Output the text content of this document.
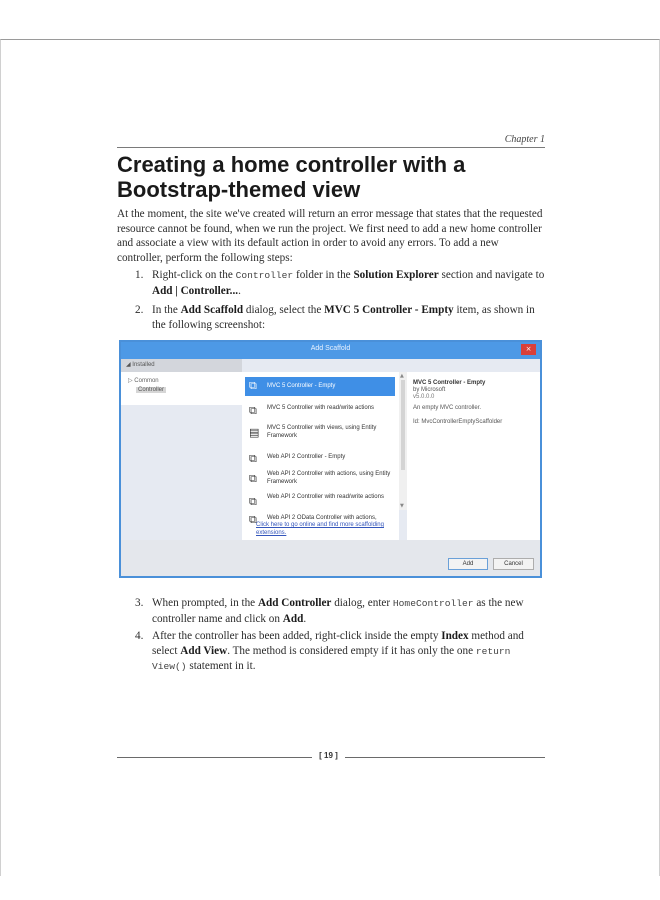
Chapter 1
Creating a home controller with a
Bootstrap-themed view

At the moment, the site we've created will return an error message that states that the requested resource cannot be found, when we run the project. We first need to add a new home controller and associate a view with its default action in order to avoid any errors. To add a new controller, perform the following steps:

1. Right-click on the Controller folder in the Solution Explorer section and navigate to Add | Controller....
2. In the Add Scaffold dialog, select the MVC 5 Controller - Empty item, as shown in the following screenshot:
Add Scaffold	×
◢ Installed
▷ Common
Controller	⧉	MVC 5 Controller - Empty
⧉	MVC 5 Controller with read/write actions
▤	MVC 5 Controller with views, using Entity Framework
⧉	Web API 2 Controller - Empty
⧉	Web API 2 Controller with actions, using Entity Framework
⧉	Web API 2 Controller with read/write actions
⧉	Web API 2 OData Controller with actions,
Click here to go online and find more scaffolding extensions.
▲
▼
MVC 5 Controller - Empty
by Microsoft
v5.0.0.0
An empty MVC controller.
Id: MvcControllerEmptyScaffolder
Add	Cancel
3. When prompted, in the Add Controller dialog, enter HomeController as the new controller name and click on Add.
4. After the controller has been added, right-click inside the empty Index method and select Add View. The method is considered empty if it has only the one return View() statement in it.
[ 19 ]
